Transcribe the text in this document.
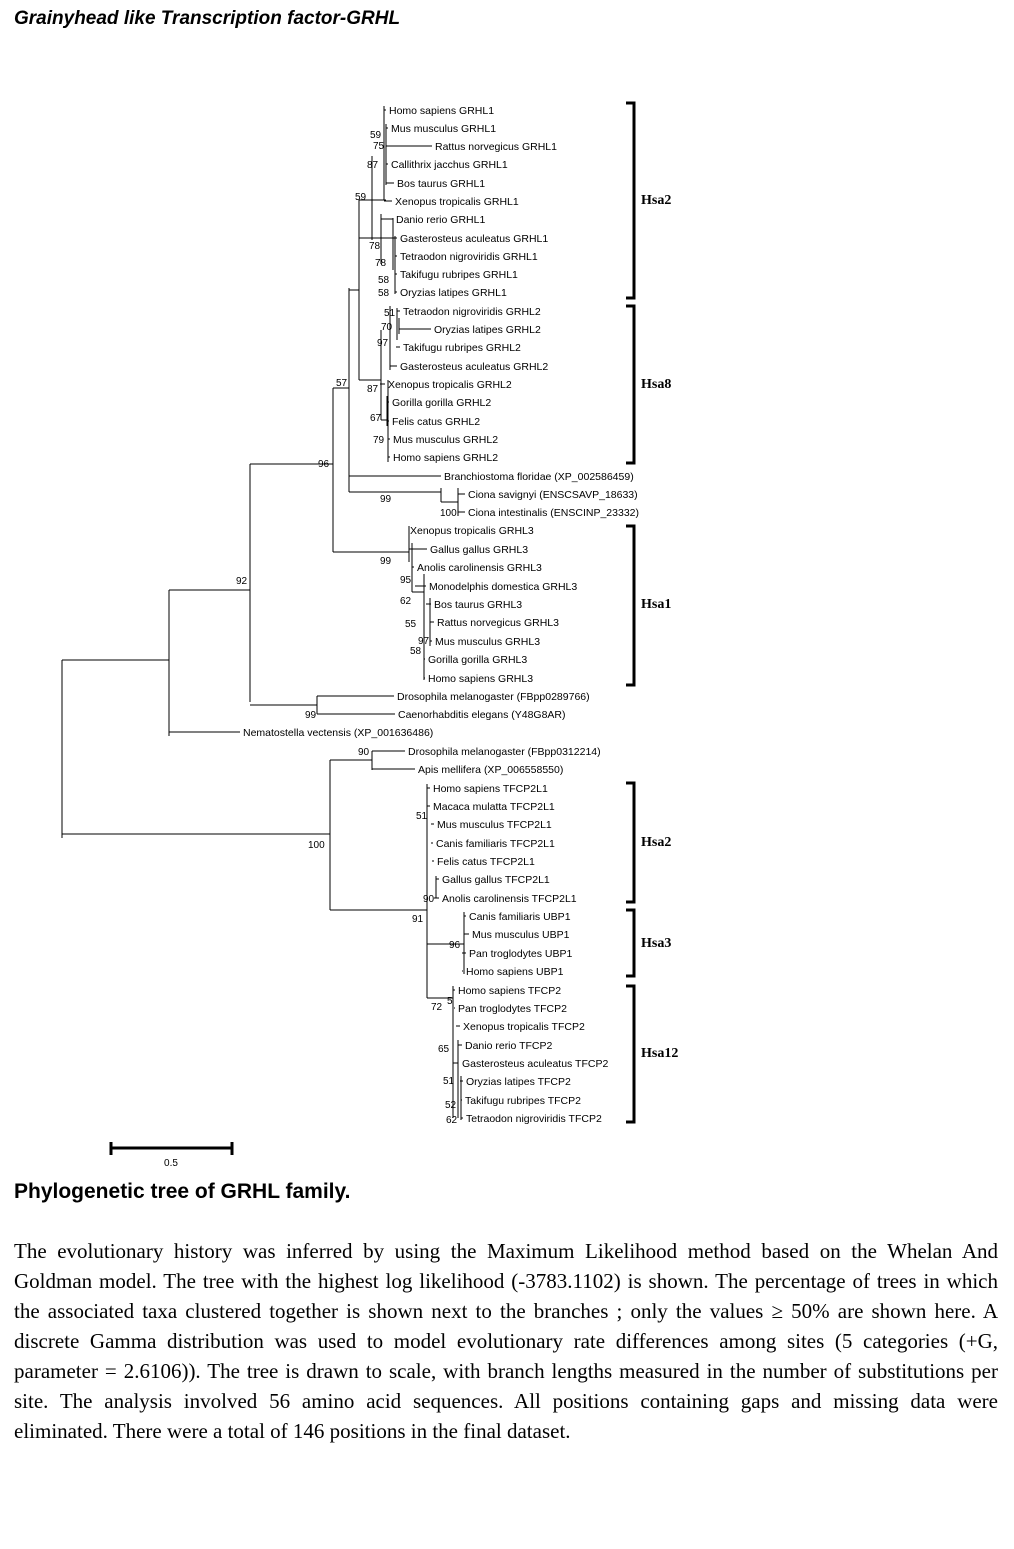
Grainyhead like Transcription factor-GRHL
Homo sapiens GRHL1
Mus musculus GRHL1
Rattus norvegicus GRHL1
Callithrix jacchus GRHL1
Bos taurus GRHL1
Xenopus tropicalis GRHL1
Danio rerio GRHL1
Gasterosteus aculeatus GRHL1
Tetraodon nigroviridis GRHL1
Takifugu rubripes GRHL1
Oryzias latipes GRHL1
Tetraodon nigroviridis GRHL2
Oryzias latipes GRHL2
Takifugu rubripes GRHL2
Gasterosteus aculeatus GRHL2
Xenopus tropicalis GRHL2
Gorilla gorilla GRHL2
Felis catus GRHL2
Mus musculus GRHL2
Homo sapiens GRHL2
Branchiostoma floridae (XP_002586459)
Ciona savignyi (ENSCSAVP_18633)
Ciona intestinalis (ENSCINP_23332)
Xenopus tropicalis GRHL3
Gallus gallus GRHL3
Anolis carolinensis GRHL3
Monodelphis domestica GRHL3
Bos taurus GRHL3
Rattus norvegicus GRHL3
Mus musculus GRHL3
Gorilla gorilla GRHL3
Homo sapiens GRHL3
Drosophila melanogaster (FBpp0289766)
Caenorhabditis elegans (Y48G8AR)
Nematostella vectensis (XP_001636486)
Drosophila melanogaster (FBpp0312214)
Apis mellifera (XP_006558550)
Homo sapiens TFCP2L1
Macaca mulatta TFCP2L1
Mus musculus TFCP2L1
Canis familiaris TFCP2L1
Felis catus TFCP2L1
Gallus gallus TFCP2L1
Anolis carolinensis TFCP2L1
Canis familiaris UBP1
Mus musculus UBP1
Pan troglodytes UBP1
Homo sapiens UBP1
Homo sapiens TFCP2
Pan troglodytes TFCP2
Xenopus tropicalis TFCP2
Danio rerio TFCP2
Gasterosteus aculeatus TFCP2
Oryzias latipes TFCP2
Takifugu rubripes TFCP2
Tetraodon nigroviridis TFCP2
59
75
87
59
78
78
58
58
51
70
97
57
87
67
79
96
99
100
99
95
62
55
97
58
92
99
90
51
90
91
96
72
5
65
51
52
62
100
Hsa2
Hsa8
Hsa1
Hsa2
Hsa3
Hsa12
0.5
Phylogenetic tree of GRHL family.

The evolutionary history was inferred by using the Maximum Likelihood method based on the Whelan And Goldman model. The tree with the highest log likelihood (-3783.1102) is shown. The percentage of trees in which the associated taxa clustered together is shown next to the branches ; only the values ≥ 50% are shown here. A discrete Gamma distribution was used to model evolutionary rate differences among sites (5 categories (+G, parameter = 2.6106)). The tree is drawn to scale, with branch lengths measured in the number of substitutions per site. The analysis involved 56 amino acid sequences. All positions containing gaps and missing data were eliminated. There were a total of 146 positions in the final dataset.
